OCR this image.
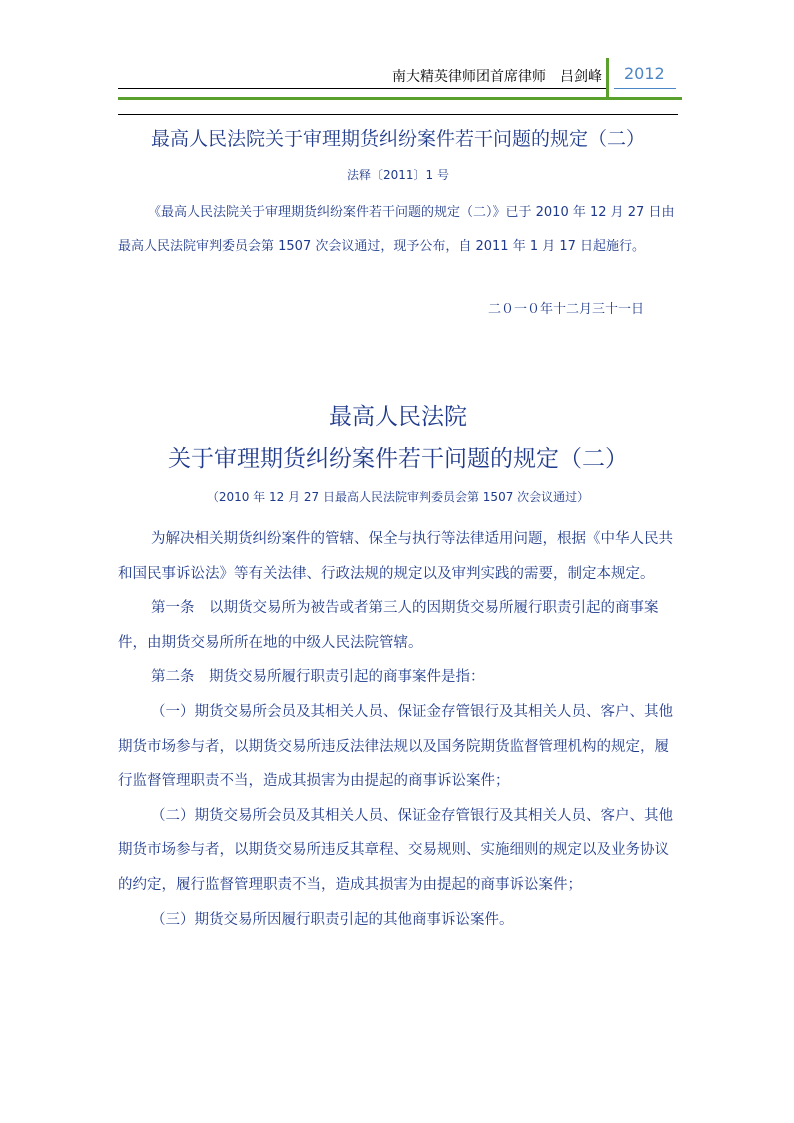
南大精英律师团首席律师　吕剑峰 2012
最高人民法院关于审理期货纠纷案件若干问题的规定（二）
法释〔2011〕1 号

《最高人民法院关于审理期货纠纷案件若干问题的规定（二）》已于 2010 年 12 月 27 日由最高人民法院审判委员会第 1507 次会议通过，现予公布，自 2011 年 1 月 17 日起施行。

二０一０年十二月三十一日
最高人民法院
关于审理期货纠纷案件若干问题的规定（二）
（2010 年 12 月 27 日最高人民法院审判委员会第 1507 次会议通过）

为解决相关期货纠纷案件的管辖、保全与执行等法律适用问题，根据《中华人民共和国民事诉讼法》等有关法律、行政法规的规定以及审判实践的需要，制定本规定。

第一条　以期货交易所为被告或者第三人的因期货交易所履行职责引起的商事案件，由期货交易所所在地的中级人民法院管辖。

第二条　期货交易所履行职责引起的商事案件是指：

（一）期货交易所会员及其相关人员、保证金存管银行及其相关人员、客户、其他期货市场参与者，以期货交易所违反法律法规以及国务院期货监督管理机构的规定，履行监督管理职责不当，造成其损害为由提起的商事诉讼案件；

（二）期货交易所会员及其相关人员、保证金存管银行及其相关人员、客户、其他期货市场参与者，以期货交易所违反其章程、交易规则、实施细则的规定以及业务协议的约定，履行监督管理职责不当，造成其损害为由提起的商事诉讼案件；

（三）期货交易所因履行职责引起的其他商事诉讼案件。
